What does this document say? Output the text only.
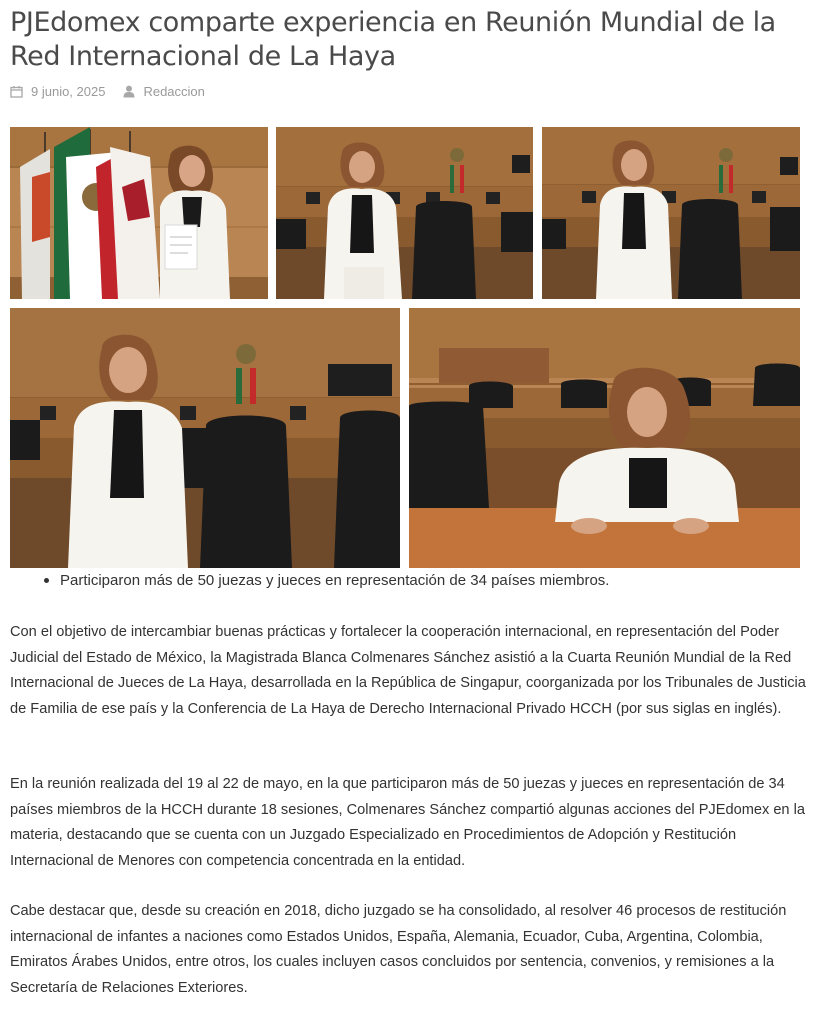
PJEdomex comparte experiencia en Reunión Mundial de la Red Internacional de La Haya
9 junio, 2025	Redaccion
Participaron más de 50 juezas y jueces en representación de 34 países miembros.

Con el objetivo de intercambiar buenas prácticas y fortalecer la cooperación internacional, en representación del Poder Judicial del Estado de México, la Magistrada Blanca Colmenares Sánchez asistió a la Cuarta Reunión Mundial de la Red Internacional de Jueces de La Haya, desarrollada en la República de Singapur, coorganizada por los Tribunales de Justicia de Familia de ese país y la Conferencia de La Haya de Derecho Internacional Privado HCCH (por sus siglas en inglés).

En la reunión realizada del 19 al 22 de mayo, en la que participaron más de 50 juezas y jueces en representación de 34 países miembros de la HCCH durante 18 sesiones, Colmenares Sánchez compartió algunas acciones del PJEdomex en la materia, destacando que se cuenta con un Juzgado Especializado en Procedimientos de Adopción y Restitución Internacional de Menores con competencia concentrada en la entidad.

Cabe destacar que, desde su creación en 2018, dicho juzgado se ha consolidado, al resolver 46 procesos de restitución internacional de infantes a naciones como Estados Unidos, España, Alemania, Ecuador, Cuba, Argentina, Colombia, Emiratos Árabes Unidos, entre otros, los cuales incluyen casos concluidos por sentencia, convenios, y remisiones a la Secretaría de Relaciones Exteriores.
